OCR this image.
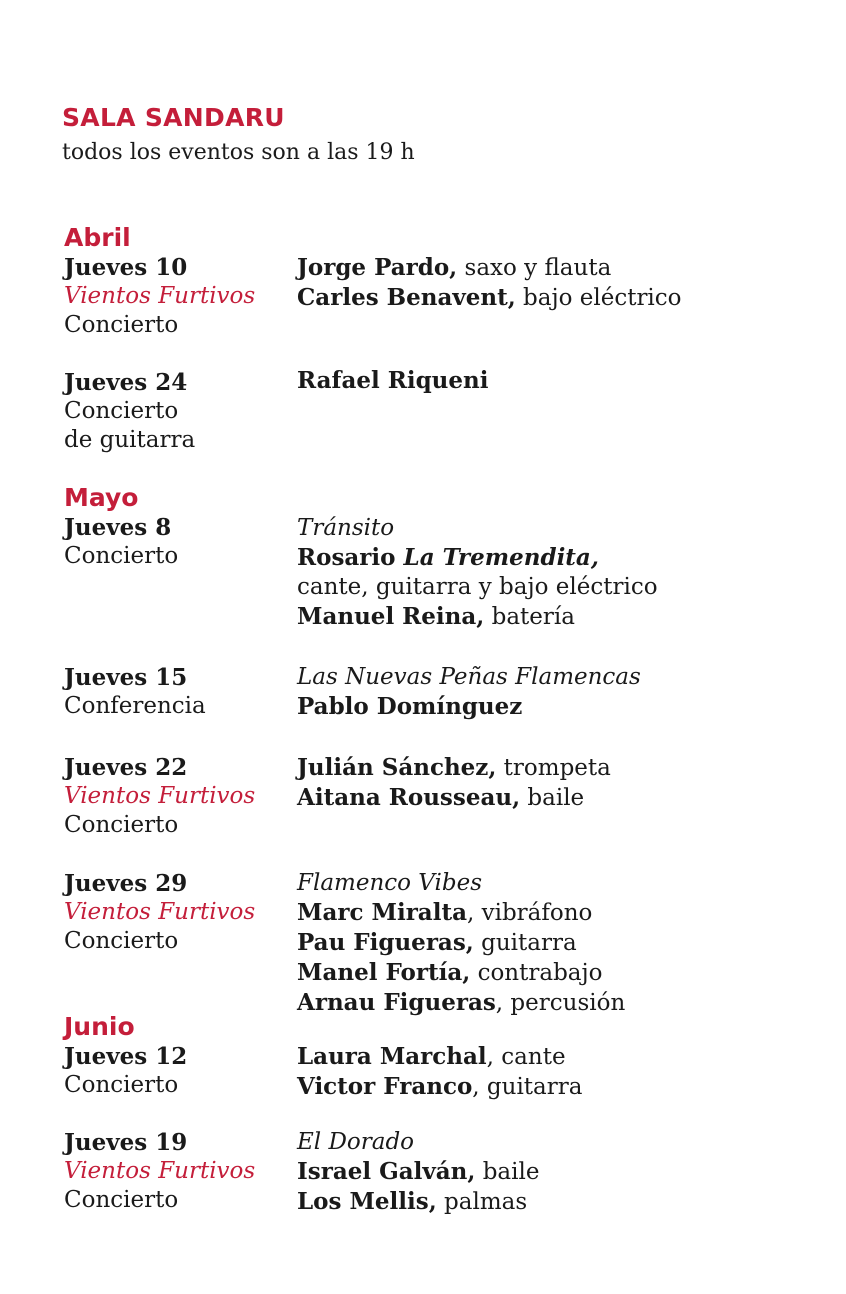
SALA SANDARU
todos los eventos son a las 19 h
Abril
Jueves 10
Vientos Furtivos
Concierto
Jorge Pardo, saxo y flauta
Carles Benavent, bajo eléctrico
Jueves 24
Concierto
de guitarra
Rafael Riqueni
Mayo
Jueves 8
Concierto
Tránsito
Rosario La Tremendita,
cante, guitarra y bajo eléctrico
Manuel Reina, batería
Jueves 15
Conferencia
Las Nuevas Peñas Flamencas
Pablo Domínguez
Jueves 22
Vientos Furtivos
Concierto
Julián Sánchez, trompeta
Aitana Rousseau, baile
Jueves 29
Vientos Furtivos
Concierto
Flamenco Vibes
Marc Miralta, vibráfono
Pau Figueras, guitarra
Manel Fortía, contrabajo
Arnau Figueras, percusión
Junio
Jueves 12
Concierto
Laura Marchal, cante
Victor Franco, guitarra
Jueves 19
Vientos Furtivos
Concierto
El Dorado
Israel Galván, baile
Los Mellis, palmas
